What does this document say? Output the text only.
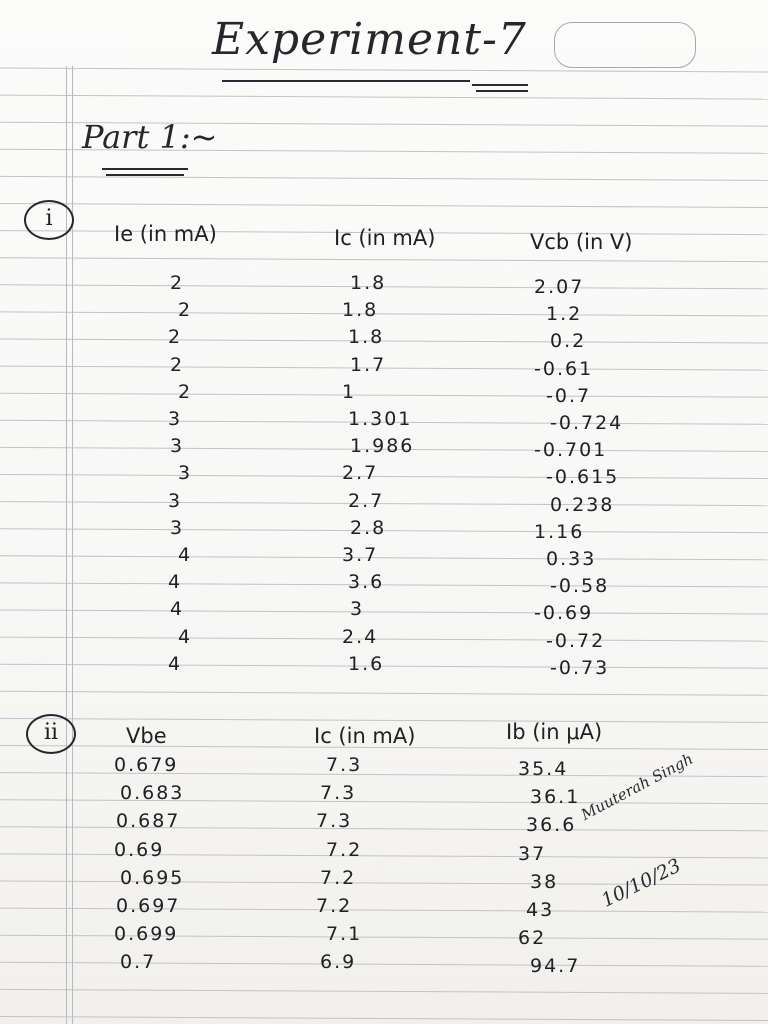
Experiment-7
Part 1:~
i
Ie (in mA)	Ic (in mA)	Vcb (in V)
2	1.8	2.07
2	1.8	1.2
2	1.8	0.2
2	1.7	-0.61
2	1	-0.7
3	1.301	-0.724
3	1.986	-0.701
3	2.7	-0.615
3	2.7	0.238
3	2.8	1.16
4	3.7	0.33
4	3.6	-0.58
4	3	-0.69
4	2.4	-0.72
4	1.6	-0.73
ii	Vbe	Ic (in mA)	Ib (in μA)
0.679	7.3	35.4
0.683	7.3	36.1
0.687	7.3	36.6
0.69	7.2	37
0.695	7.2	38
0.697	7.2	43
0.699	7.1	62
0.7	6.9	94.7
Muuterah Singh
10/10/23
